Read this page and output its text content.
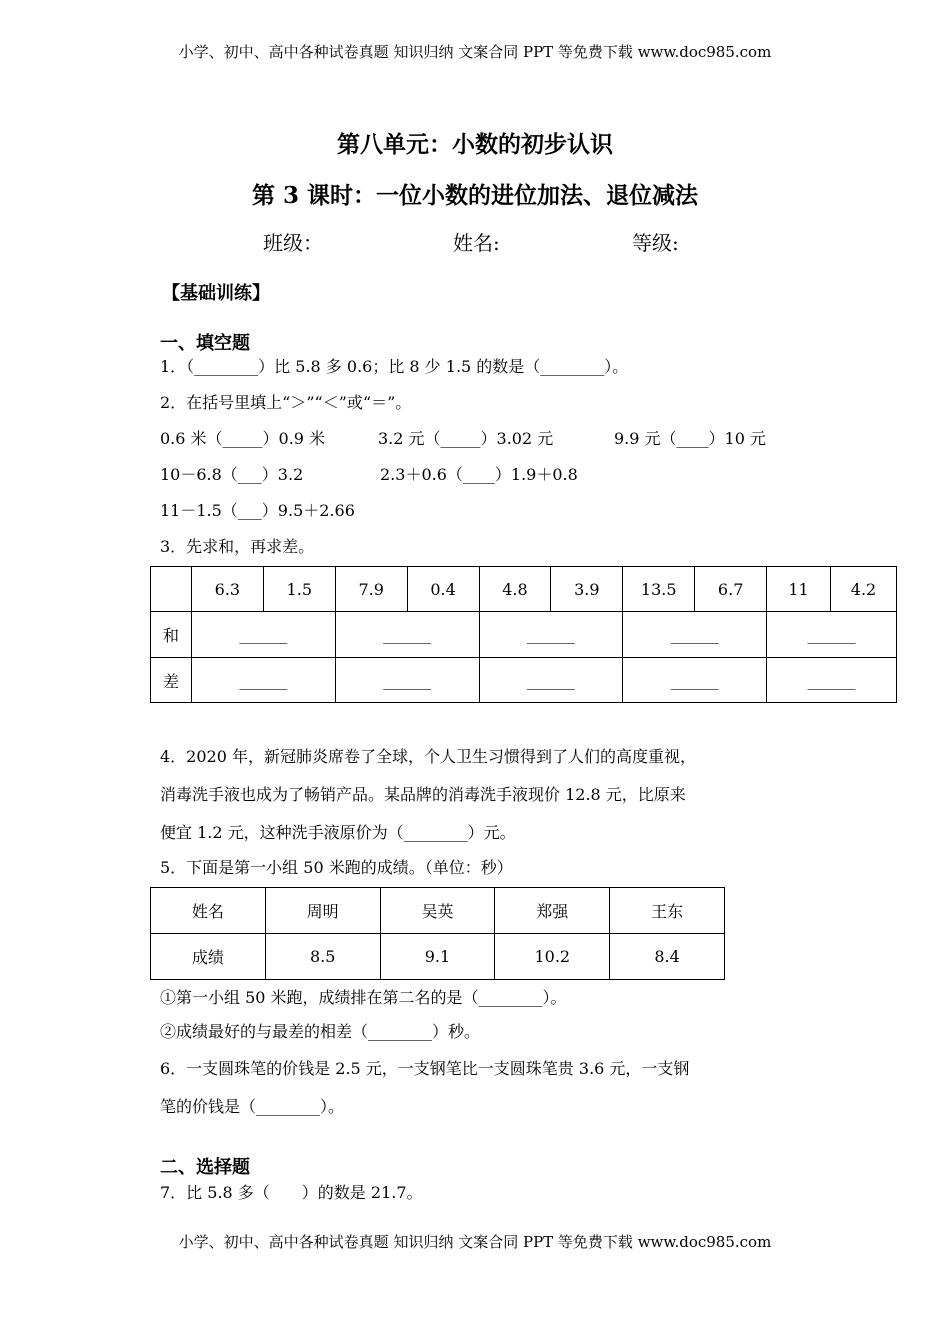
小学、初中、高中各种试卷真题 知识归纳 文案合同 PPT 等免费下载 www.doc985.com
第八单元：小数的初步认识
第 3 课时：一位小数的进位加法、退位减法
班级：	姓名:	等级:
【基础训练】
一、填空题
1．（________）比 5.8 多 0.6；比 8 少 1.5 的数是（________）。
2．在括号里填上“＞”“＜”或“＝”。
0.6 米（_____）0.9 米	3.2 元（_____）3.02 元	9.9 元（____）10 元
10－6.8（___）3.2	2.3＋0.6（____）1.9＋0.8
11－1.5（___）9.5＋2.66
3．先求和，再求差。
	6.3	1.5	7.9	0.4	4.8	3.9	13.5	6.7	11	4.2
和	______		______		______		______		______	
差	______		______		______		______		______	
4．2020 年，新冠肺炎席卷了全球，个人卫生习惯得到了人们的高度重视，
消毒洗手液也成为了畅销产品。某品牌的消毒洗手液现价 12.8 元，比原来
便宜 1.2 元，这种洗手液原价为（________）元。
5．下面是第一小组 50 米跑的成绩。（单位：秒）
姓名	周明	吴英	郑强	王东
成绩	8.5	9.1	10.2	8.4
①第一小组 50 米跑，成绩排在第二名的是（________）。
②成绩最好的与最差的相差（________）秒。
6．一支圆珠笔的价钱是 2.5 元，一支钢笔比一支圆珠笔贵 3.6 元，一支钢
笔的价钱是（________）。
二、选择题
7．比 5.8 多（　　）的数是 21.7。
小学、初中、高中各种试卷真题 知识归纳 文案合同 PPT 等免费下载 www.doc985.com
